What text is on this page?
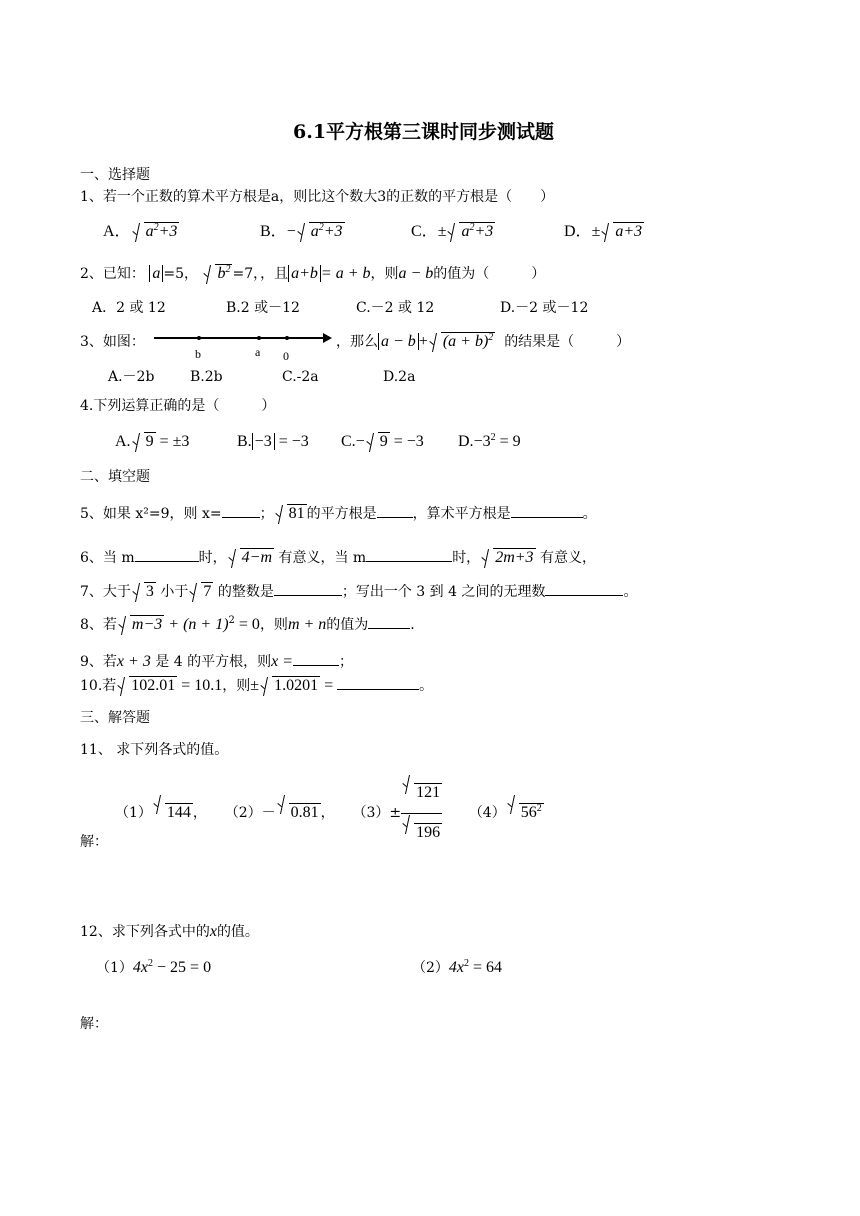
6.1平方根第三课时同步测试题
一、选择题
1、若一个正数的算术平方根是a，则比这个数大3的正数的平方根是（　　）
A． $a^2+3$	B．− $a^2+3$	C．± $a^2+3$	D．± a+3
2、已知： a =5， $b^2 =7$，，且 a+b = a + b，则a − b的值为（　　　）
A．2 或 12	B.2 或－12	C.－2 或 12	D.－2 或－12
3、如图：
b	a 0
，那么 $a - b + (a + b)^2$ 的结果是（　　　）
A.－2b	B.2b	C.-2a	D.2a
4.下列运算正确的是（　　　）
A. 9 = ±3	B. −3 = −3 C.− 9 = −3 $D.-3^2 = 9$
二、填空题
5、如果 x²=9，则 x=	； 81 的平方根是	，算术平方根是	。
6、当 m	时， 4−m 有意义，当 m	时， 2m+3 有意义，
7、大于 3 小于 7 的整数是	；写出一个 3 到 4 之间的无理数	。
8、若 $m-3 + (n + 1)^2 = 0$，则m + n的值为	.
9、若x + 3 是 4 的平方根，则x =	；
10.若 102.01 = 10.1，则± 1.0201 =	。
三、解答题
11、 求下列各式的值。
（1） 144 ， （2）－ 0.81 ， $(3)\pm \frac{121}{196} (4)$ $56^2$
解：
12、求下列各式中的x的值。
$(1)4x^2 - 25 = 0$	$(2)4x^2 = 64$
解：
